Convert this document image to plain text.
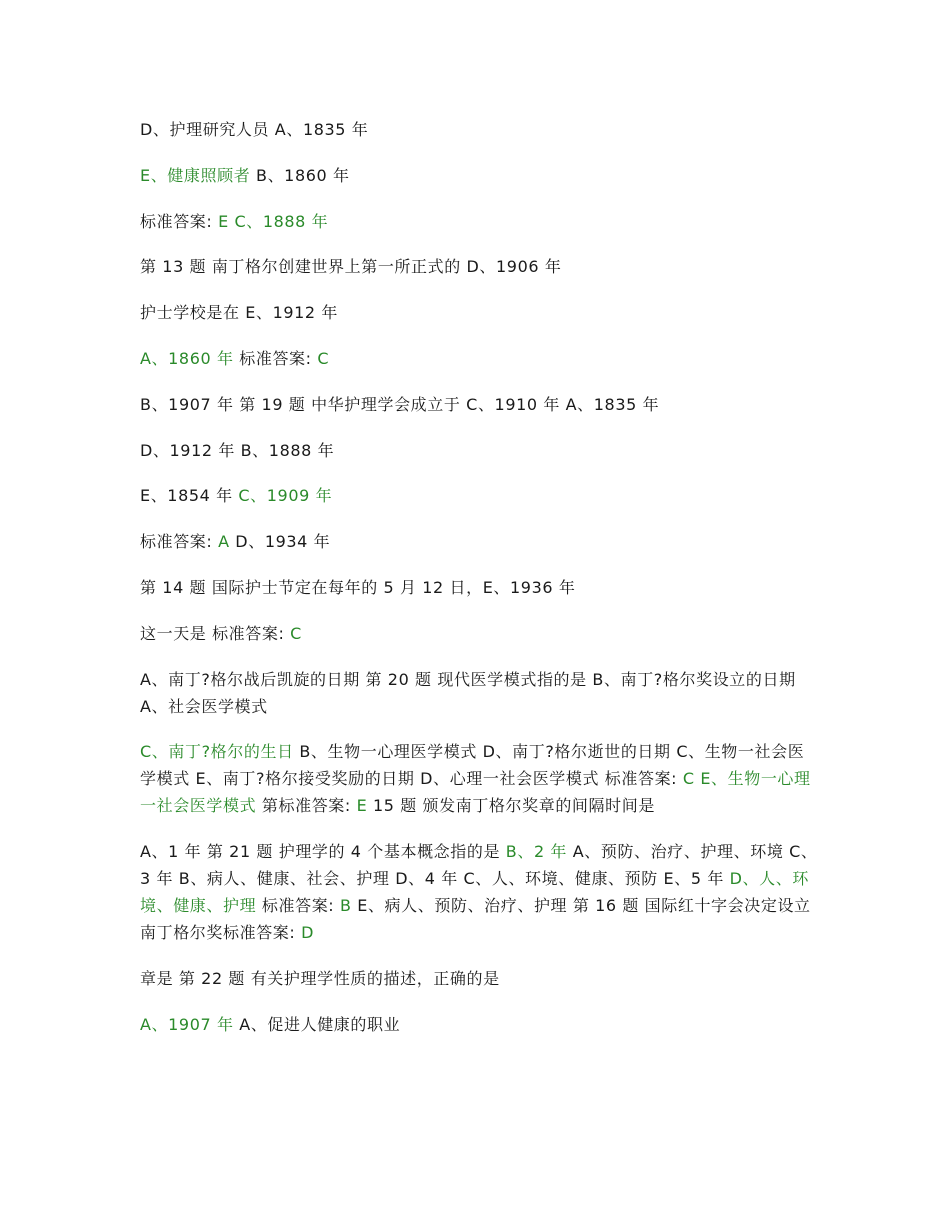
D、护理研究人员 A、1835 年

E、健康照顾者 B、1860 年

标准答案: E C、1888 年

第 13 题 南丁格尔创建世界上第一所正式的 D、1906 年

护士学校是在 E、1912 年

A、1860 年 标准答案: C

B、1907 年 第 19 题 中华护理学会成立于 C、1910 年 A、1835 年

D、1912 年 B、1888 年

E、1854 年 C、1909 年

标准答案: A D、1934 年

第 14 题 国际护士节定在每年的 5 月 12 日，E、1936 年

这一天是 标准答案: C

A、南丁?格尔战后凯旋的日期 第 20 题 现代医学模式指的是 B、南丁?格尔奖设立的日期 A、社会医学模式

C、南丁?格尔的生日 B、生物一心理医学模式 D、南丁?格尔逝世的日期 C、生物一社会医学模式 E、南丁?格尔接受奖励的日期 D、心理一社会医学模式 标准答案: C E、生物一心理一社会医学模式 第标准答案: E 15 题 颁发南丁格尔奖章的间隔时间是

A、1 年 第 21 题 护理学的 4 个基本概念指的是 B、2 年 A、预防、治疗、护理、环境 C、3 年 B、病人、健康、社会、护理 D、4 年 C、人、环境、健康、预防 E、5 年 D、人、环境、健康、护理 标准答案: B E、病人、预防、治疗、护理 第 16 题 国际红十字会决定设立南丁格尔奖标准答案: D

章是 第 22 题 有关护理学性质的描述，正确的是

A、1907 年 A、促进人健康的职业
